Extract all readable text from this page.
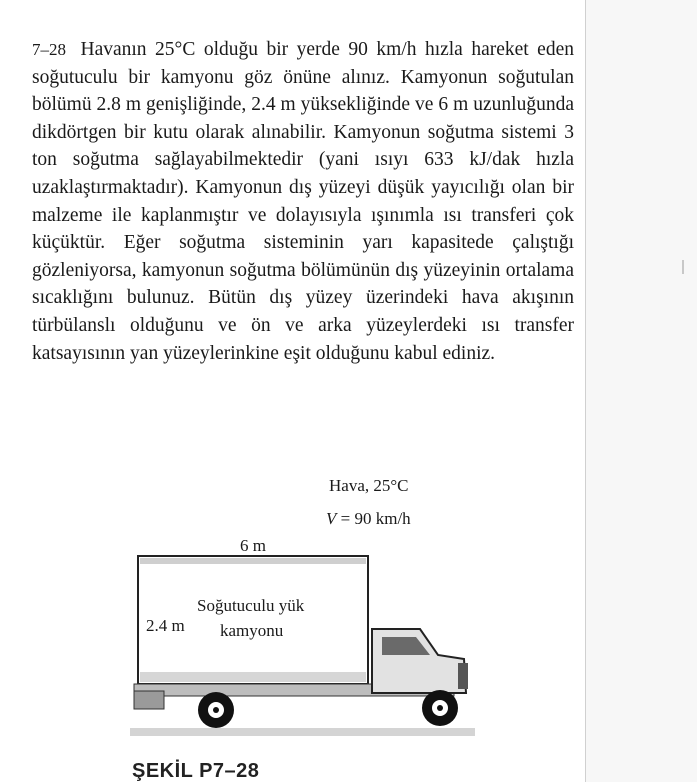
7–28 Havanın 25°C olduğu bir yerde 90 km/h hızla hareket eden soğutuculu bir kamyonu göz önüne alınız. Kamyonun soğutulan bölümü 2.8 m genişliğinde, 2.4 m yüksekliğinde ve 6 m uzunluğunda dikdörtgen bir kutu olarak alınabilir. Kamyonun soğutma sistemi 3 ton soğutma sağlayabilmektedir (yani ısıyı 633 kJ/dak hızla uzaklaştırmaktadır). Kamyonun dış yüzeyi düşük yayıcılığı olan bir malzeme ile kaplanmıştır ve dolayısıyla ışınımla ısı transferi çok küçüktür. Eğer soğutma sisteminin yarı kapasitede çalıştığı gözleniyorsa, kamyonun soğutma bölümünün dış yüzeyinin ortalama sıcaklığını bulunuz. Bütün dış yüzey üzerindeki hava akışının türbülanslı olduğunu ve ön ve arka yüzeylerdeki ısı transfer katsayısının yan yüzeylerinkine eşit olduğunu kabul ediniz.
Hava, 25°C
V = 90 km/h
6 m
2.4 m
Soğutuculu yük
kamyonu
ŞEKİL P7–28
